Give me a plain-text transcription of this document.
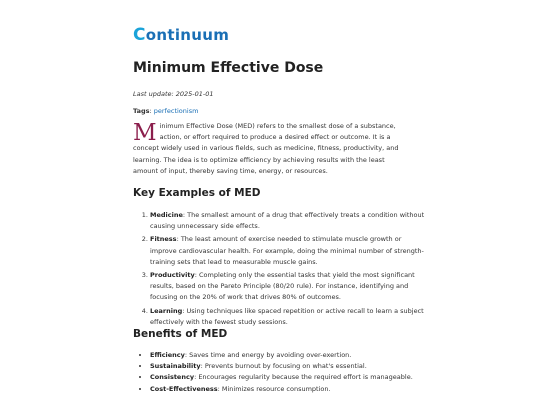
Continuum
Minimum Effective Dose
Last update: 2025-01-01
Tags: perfectionism

Minimum Effective Dose (MED) refers to the smallest dose of a substance, action, or effort required to produce a desired effect or outcome. It is a concept widely used in various fields, such as medicine, fitness, productivity, and learning. The idea is to optimize efficiency by achieving results with the least amount of input, thereby saving time, energy, or resources.

Key Examples of MED
1. Medicine: The smallest amount of a drug that effectively treats a condition without causing unnecessary side effects.
2. Fitness: The least amount of exercise needed to stimulate muscle growth or improve cardiovascular health. For example, doing the minimal number of strength-training sets that lead to measurable muscle gains.
3. Productivity: Completing only the essential tasks that yield the most significant results, based on the Pareto Principle (80/20 rule). For instance, identifying and focusing on the 20% of work that drives 80% of outcomes.
4. Learning: Using techniques like spaced repetition or active recall to learn a subject effectively with the fewest study sessions.
Benefits of MED
• Efficiency: Saves time and energy by avoiding over-exertion.
• Sustainability: Prevents burnout by focusing on what's essential.
• Consistency: Encourages regularity because the required effort is manageable.
• Cost-Effectiveness: Minimizes resource consumption.
